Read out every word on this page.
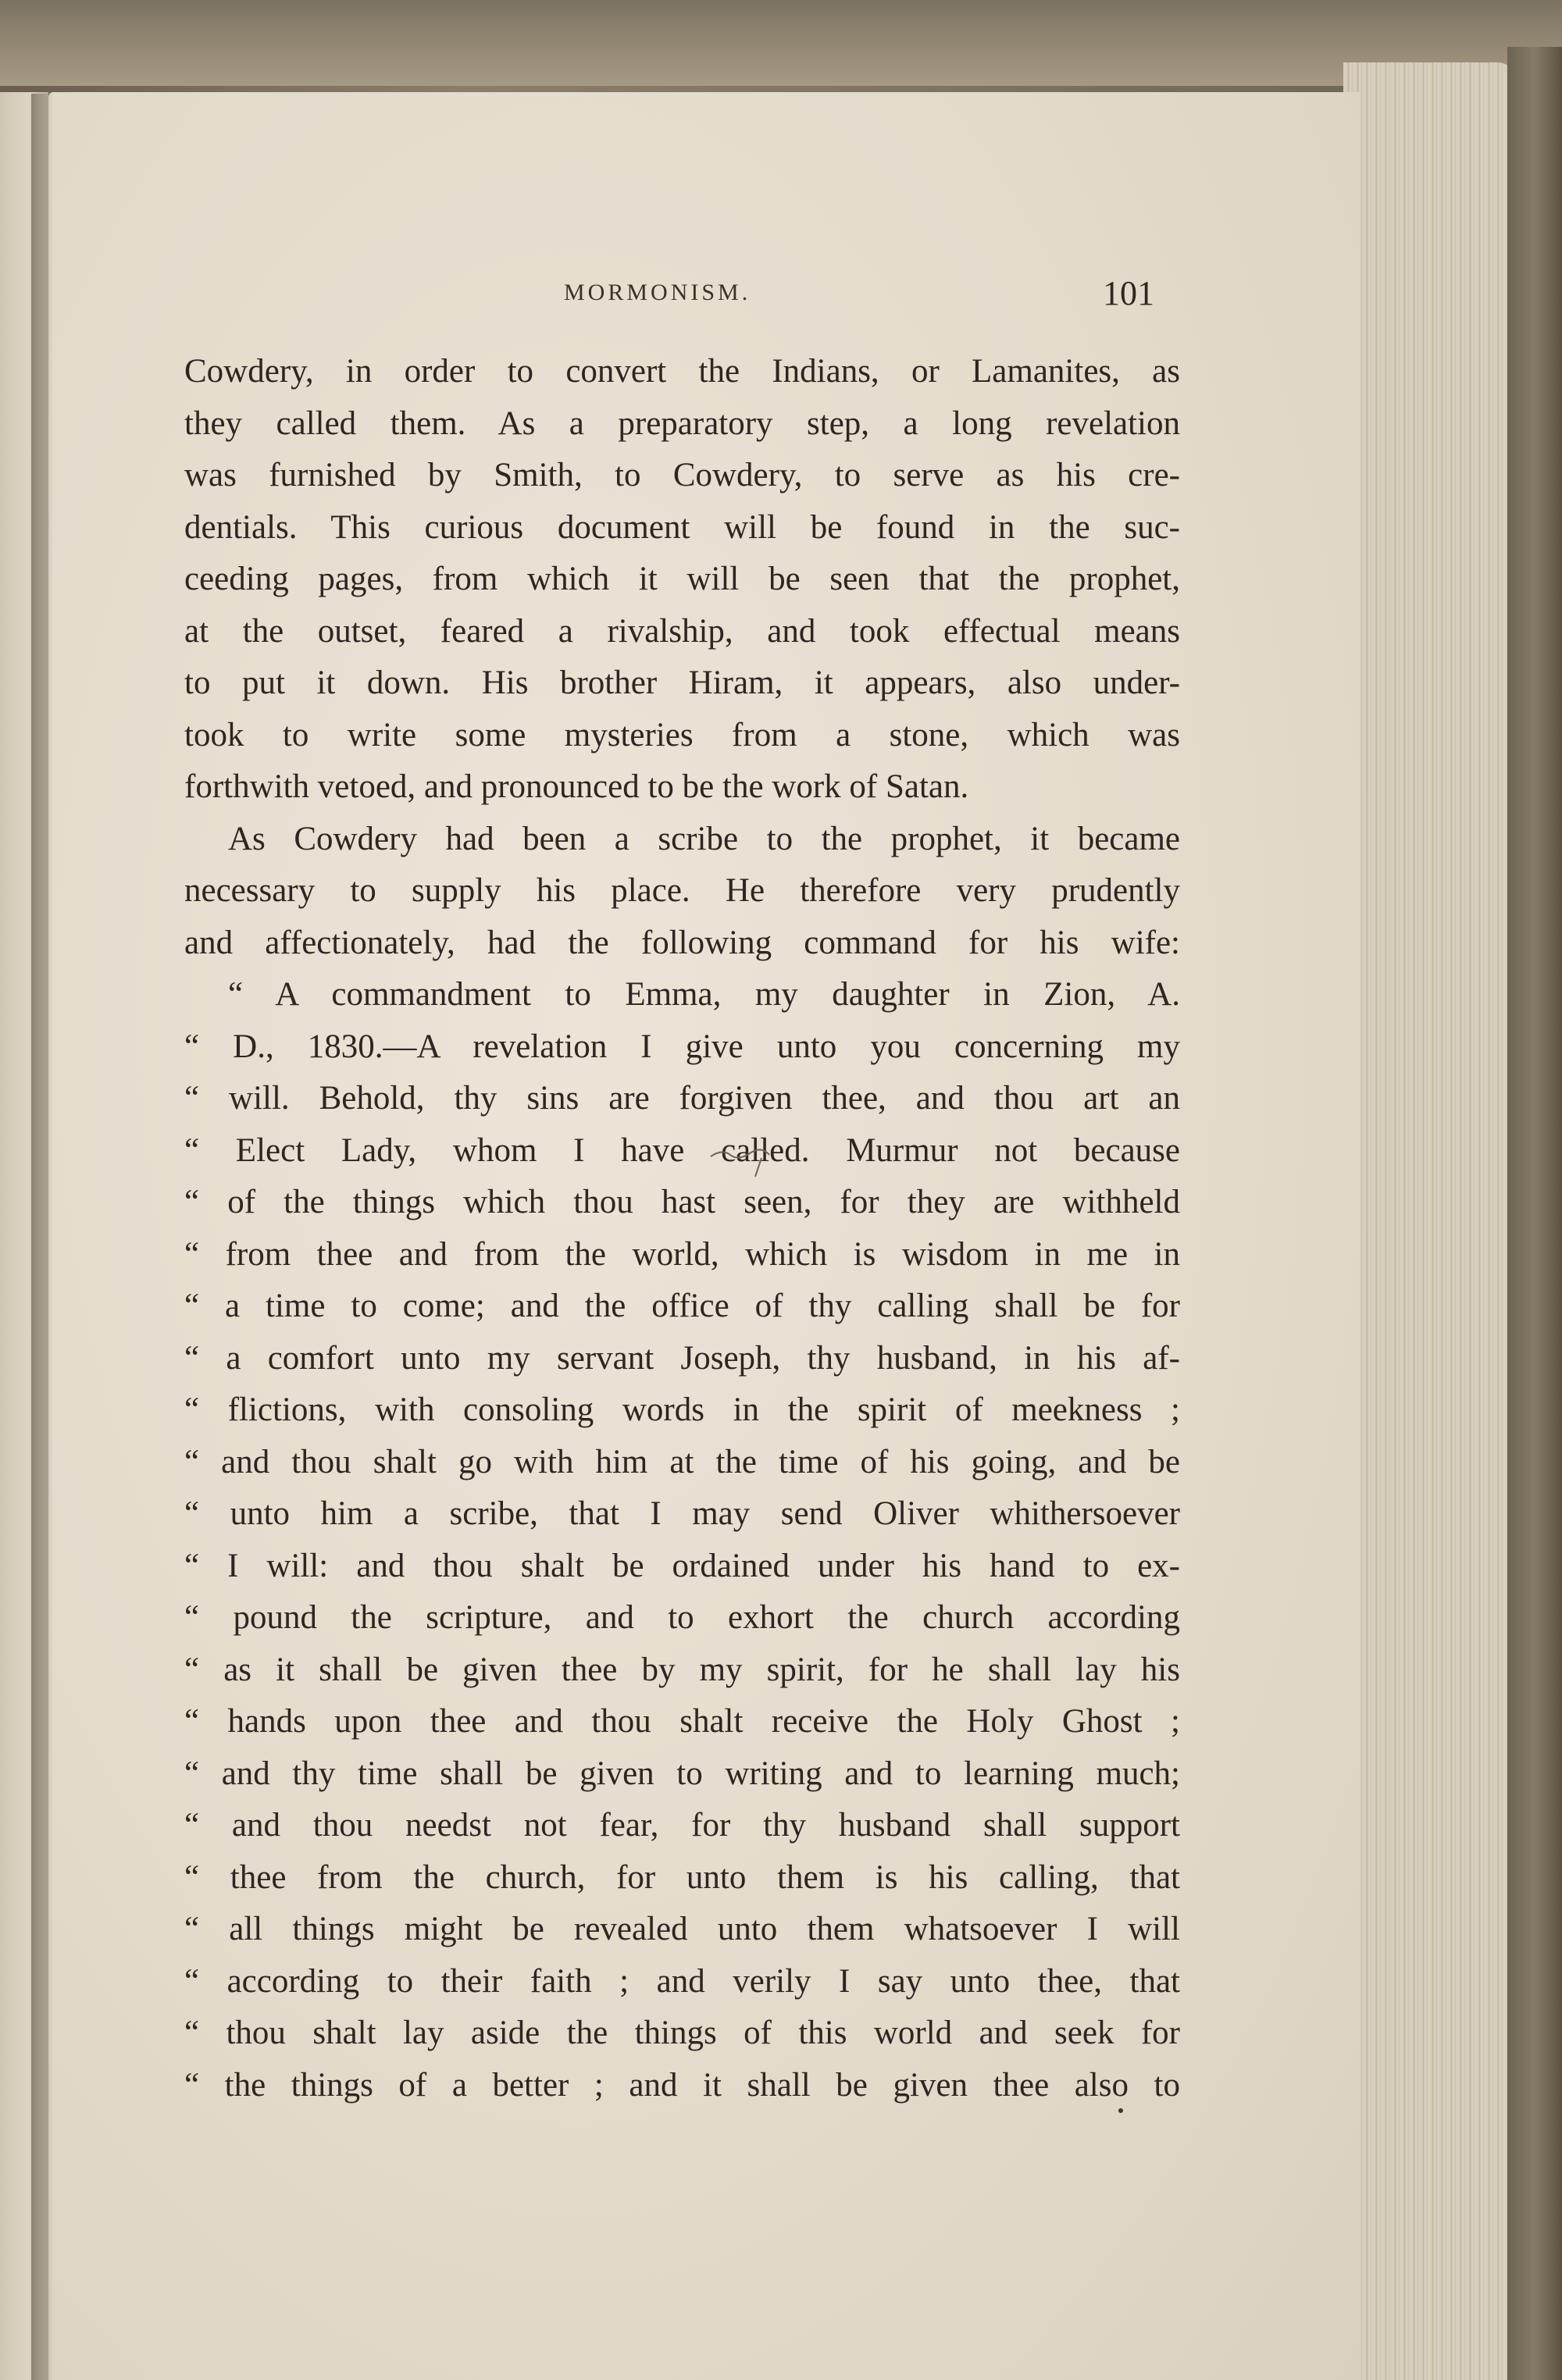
MORMONISM.	101
Cowdery, in order to convert the Indians, or Lamanites, as
they called them. As a preparatory step, a long revelation
was furnished by Smith, to Cowdery, to serve as his cre-
dentials. This curious document will be found in the suc-
ceeding pages, from which it will be seen that the prophet,
at the outset, feared a rivalship, and took effectual means
to put it down. His brother Hiram, it appears, also under-
took to write some mysteries from a stone, which was
forthwith vetoed, and pronounced to be the work of Satan.
As Cowdery had been a scribe to the prophet, it became
necessary to supply his place. He therefore very prudently
and affectionately, had the following command for his wife:
“ A commandment to Emma, my daughter in Zion, A.
“ D., 1830.—A revelation I give unto you concerning my
“ will. Behold, thy sins are forgiven thee, and thou art an
“ Elect Lady, whom I have called. Murmur not because
“ of the things which thou hast seen, for they are withheld
“ from thee and from the world, which is wisdom in me in
“ a time to come; and the office of thy calling shall be for
“ a comfort unto my servant Joseph, thy husband, in his af-
“ flictions, with consoling words in the spirit of meekness ;
“ and thou shalt go with him at the time of his going, and be
“ unto him a scribe, that I may send Oliver whithersoever
“ I will: and thou shalt be ordained under his hand to ex-
“ pound the scripture, and to exhort the church according
“ as it shall be given thee by my spirit, for he shall lay his
“ hands upon thee and thou shalt receive the Holy Ghost ;
“ and thy time shall be given to writing and to learning much;
“ and thou needst not fear, for thy husband shall support
“ thee from the church, for unto them is his calling, that
“ all things might be revealed unto them whatsoever I will
“ according to their faith ; and verily I say unto thee, that
“ thou shalt lay aside the things of this world and seek for
“ the things of a better ; and it shall be given thee also to
